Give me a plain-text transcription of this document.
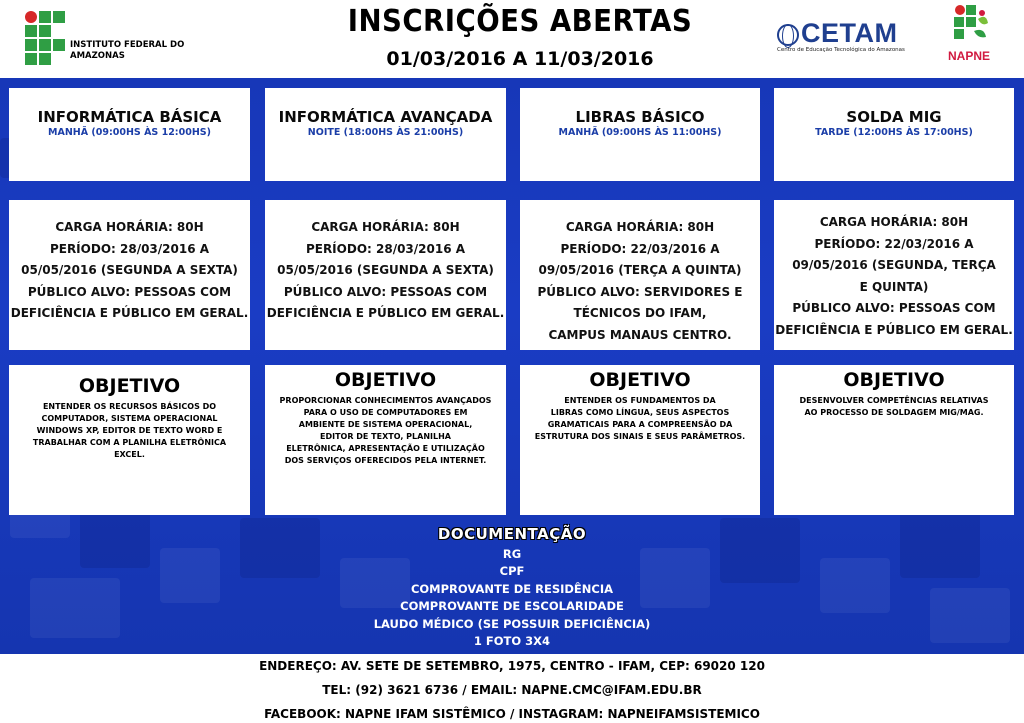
INSTITUTO FEDERAL DO
AMAZONAS
INSCRIÇÕES ABERTAS
01/03/2016 A 11/03/2016
CETAM
Centro de Educação Tecnológica do Amazonas	NAPNE
INFORMÁTICA BÁSICA
MANHÃ (09:00HS ÀS 12:00HS)
INFORMÁTICA AVANÇADA
NOITE (18:00HS ÀS 21:00HS)
LIBRAS BÁSICO
MANHÃ (09:00HS ÀS 11:00HS)
SOLDA MIG
TARDE (12:00HS ÀS 17:00HS)
CARGA HORÁRIA: 80H
PERÍODO: 28/03/2016 A
05/05/2016 (SEGUNDA A SEXTA)
PÚBLICO ALVO: PESSOAS COM
DEFICIÊNCIA E PÚBLICO EM GERAL.
CARGA HORÁRIA: 80H
PERÍODO: 28/03/2016 A
05/05/2016 (SEGUNDA A SEXTA)
PÚBLICO ALVO: PESSOAS COM
DEFICIÊNCIA E PÚBLICO EM GERAL.
CARGA HORÁRIA: 80H
PERÍODO: 22/03/2016 A
09/05/2016 (TERÇA A QUINTA)
PÚBLICO ALVO: SERVIDORES E
TÉCNICOS DO IFAM,
CAMPUS MANAUS CENTRO.
CARGA HORÁRIA: 80H
PERÍODO: 22/03/2016 A
09/05/2016 (SEGUNDA, TERÇA
E QUINTA)
PÚBLICO ALVO: PESSOAS COM
DEFICIÊNCIA E PÚBLICO EM GERAL.
OBJETIVO
ENTENDER OS RECURSOS BÁSICOS DO
COMPUTADOR, SISTEMA OPERACIONAL
WINDOWS XP, EDITOR DE TEXTO WORD E
TRABALHAR COM A PLANILHA ELETRÔNICA
EXCEL.
OBJETIVO
PROPORCIONAR CONHECIMENTOS AVANÇADOS
PARA O USO DE COMPUTADORES EM
AMBIENTE DE SISTEMA OPERACIONAL,
EDITOR DE TEXTO, PLANILHA
ELETRÔNICA, APRESENTAÇÃO E UTILIZAÇÃO
DOS SERVIÇOS OFERECIDOS PELA INTERNET.
OBJETIVO
ENTENDER OS FUNDAMENTOS DA
LIBRAS COMO LÍNGUA, SEUS ASPECTOS
GRAMATICAIS PARA A COMPREENSÃO DA
ESTRUTURA DOS SINAIS E SEUS PARÂMETROS.
OBJETIVO
DESENVOLVER COMPETÊNCIAS RELATIVAS
AO PROCESSO DE SOLDAGEM MIG/MAG.
DOCUMENTAÇÃO
RG
CPF
COMPROVANTE DE RESIDÊNCIA
COMPROVANTE DE ESCOLARIDADE
LAUDO MÉDICO (SE POSSUIR DEFICIÊNCIA)
1 FOTO 3X4
ENDEREÇO: AV. SETE DE SETEMBRO, 1975, CENTRO - IFAM, CEP: 69020 120
TEL: (92) 3621 6736 / EMAIL: NAPNE.CMC@IFAM.EDU.BR
FACEBOOK: NAPNE IFAM SISTÊMICO / INSTAGRAM: NAPNEIFAMSISTEMICO
